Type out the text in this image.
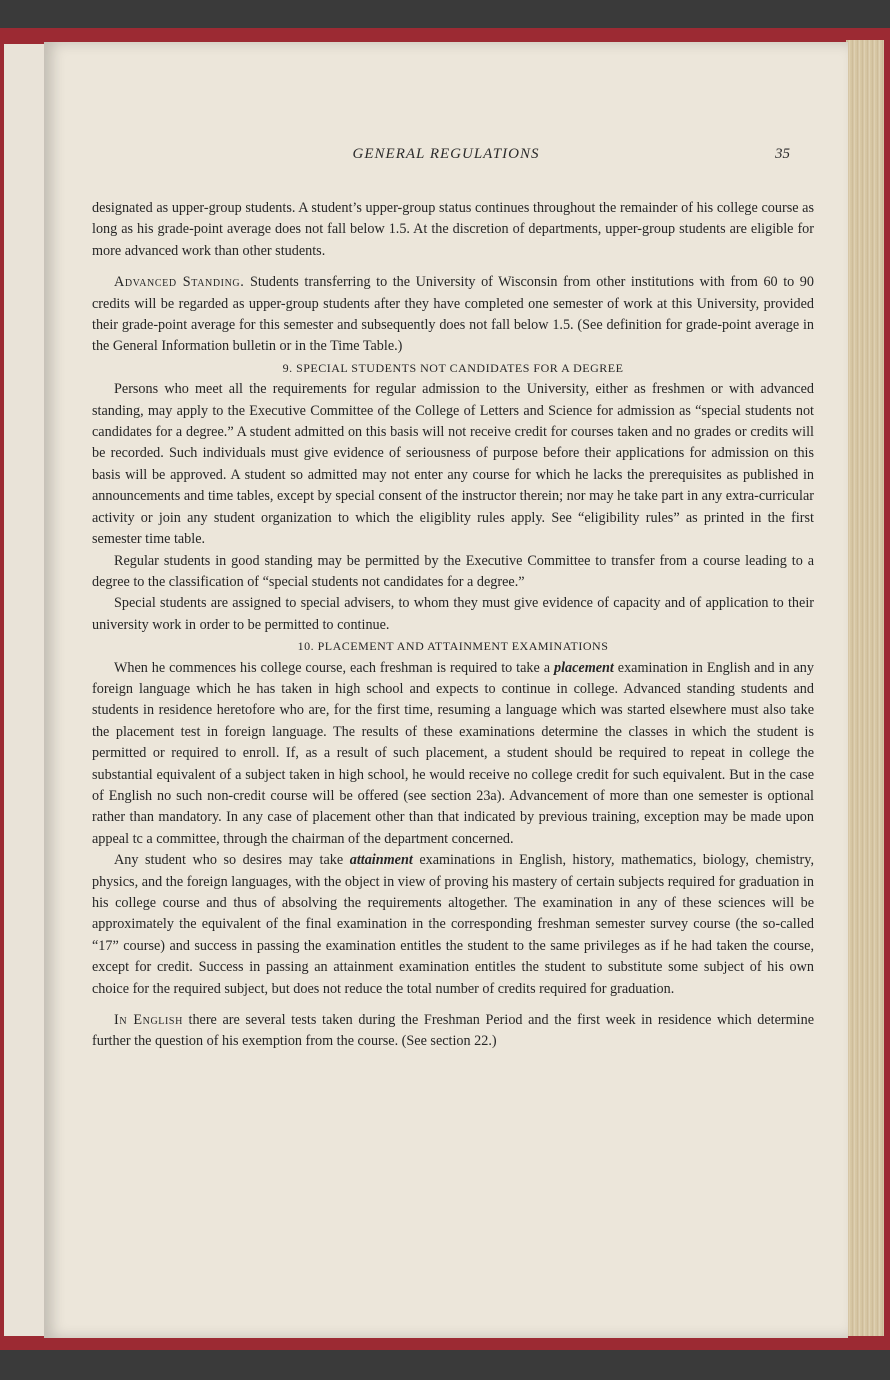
GENERAL REGULATIONS	35

designated as upper-group students. A student’s upper-group status continues throughout the remainder of his college course as long as his grade-point average does not fall below 1.5. At the discretion of departments, upper-group students are eligible for more advanced work than other students.

Advanced Standing. Students transferring to the University of Wisconsin from other institutions with from 60 to 90 credits will be regarded as upper-group students after they have completed one semester of work at this University, provided their grade-point average for this semester and subsequently does not fall below 1.5. (See definition for grade-point average in the General Information bulletin or in the Time Table.)

9. SPECIAL STUDENTS NOT CANDIDATES FOR A DEGREE

Persons who meet all the requirements for regular admission to the University, either as freshmen or with advanced standing, may apply to the Executive Committee of the College of Letters and Science for admission as “special students not candidates for a degree.” A student admitted on this basis will not receive credit for courses taken and no grades or credits will be recorded. Such individuals must give evidence of seriousness of purpose before their applications for admission on this basis will be approved. A student so admitted may not enter any course for which he lacks the prerequisites as published in announcements and time tables, except by special consent of the instructor therein; nor may he take part in any extra-curricular activity or join any student organization to which the eligiblity rules apply. See “eligibility rules” as printed in the first semester time table.

Regular students in good standing may be permitted by the Executive Committee to transfer from a course leading to a degree to the classification of “special students not candidates for a degree.”

Special students are assigned to special advisers, to whom they must give evidence of capacity and of application to their university work in order to be permitted to continue.

10. PLACEMENT AND ATTAINMENT EXAMINATIONS

When he commences his college course, each freshman is required to take a placement examination in English and in any foreign language which he has taken in high school and expects to continue in college. Advanced standing students and students in residence heretofore who are, for the first time, resuming a language which was started elsewhere must also take the placement test in foreign language. The results of these examinations determine the classes in which the student is permitted or required to enroll. If, as a result of such placement, a student should be required to repeat in college the substantial equivalent of a subject taken in high school, he would receive no college credit for such equivalent. But in the case of English no such non-credit course will be offered (see section 23a). Advancement of more than one semester is optional rather than mandatory. In any case of placement other than that indicated by previous training, exception may be made upon appeal tc a committee, through the chairman of the department concerned.

Any student who so desires may take attainment examinations in English, history, mathematics, biology, chemistry, physics, and the foreign languages, with the object in view of proving his mastery of certain subjects required for graduation in his college course and thus of absolving the requirements altogether. The examination in any of these sciences will be approximately the equivalent of the final examination in the corresponding freshman semester survey course (the so-called “17” course) and success in passing the examination entitles the student to the same privileges as if he had taken the course, except for credit. Success in passing an attainment examination entitles the student to substitute some subject of his own choice for the required subject, but does not reduce the total number of credits required for graduation.

In English there are several tests taken during the Freshman Period and the first week in residence which determine further the question of his exemption from the course. (See section 22.)
